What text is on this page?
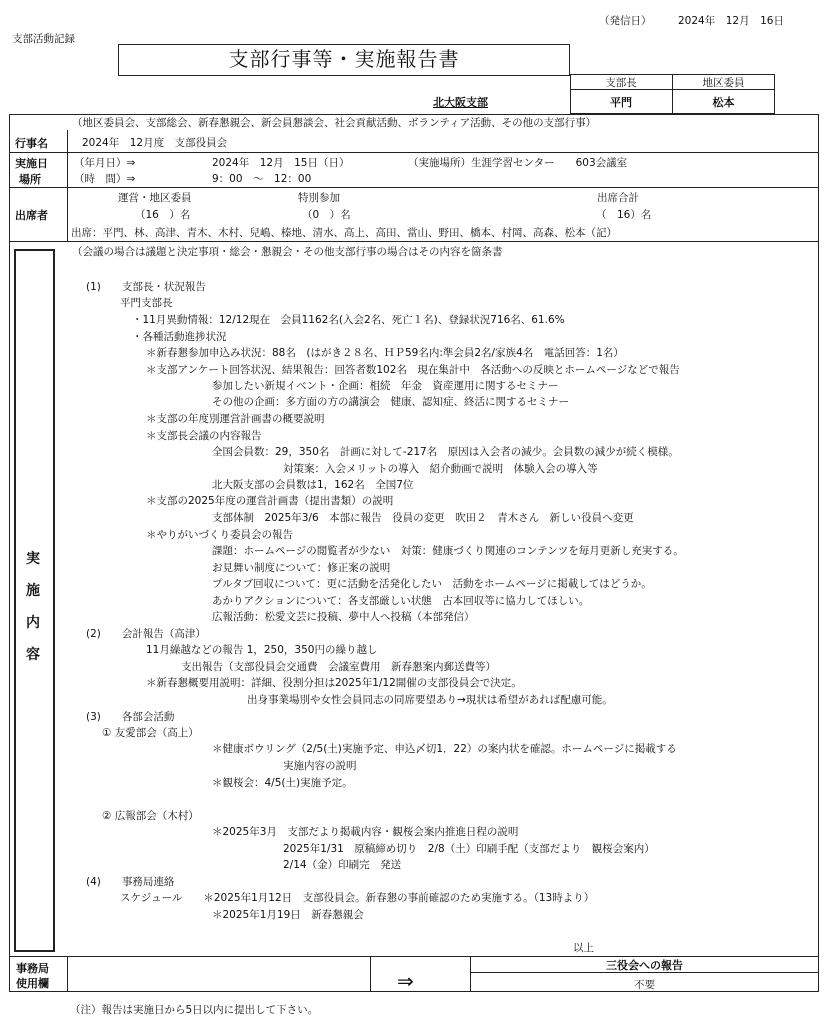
（発信日）	2024年　12月　16日
支部活動記録
支部行事等・実施報告書
支部長	地区委員
平門	松本
北大阪支部
（地区委員会、支部総会、新春懇親会、新会員懇談会、社会貢献活動、ボランティア活動、その他の支部行事）
行事名	2024年　12月度　支部役員会
実施日
場所
（年月日）⇒	2024年　12月　15日（日）	（実施場所）生涯学習センター　　603会議室
（時　間）⇒	9：00　～　12：00
出席者
運営・地区委員
（16　）名
特別参加
（0　）名
出席合計
（　16）名
出席：平門、林、高津、青木、木村、兒嶋、榛地、清水、高上、高田、當山、野田、橋本、村岡、高森、松本（記）
実
施
内
容
（会議の場合は議題と決定事項・総会・懇親会・その他支部行事の場合はその内容を箇条書
(1)　　支部長・状況報告
平門支部長
・11月異動情報：12/12現在　会員1162名(入会2名、死亡１名)、登録状況716名、61.6%
・各種活動進捗状況
＊新春懇参加申込み状況：88名　(はがき２８名、ＨＰ59名内:準会員2名/家族4名　電話回答：1名）
＊支部アンケート回答状況、結果報告：回答者数102名　現在集計中　各活動への反映とホームページなどで報告
参加したい新規イベント・企画：相続　年金　資産運用に関するセミナー
その他の企画：多方面の方の講演会　健康、認知症、終活に関するセミナー
＊支部の年度別運営計画書の概要説明
＊支部長会議の内容報告
全国会員数：29，350名　計画に対して-217名　原因は入会者の減少。会員数の減少が続く模様。
対策案：入会メリットの導入　紹介動画で説明　体験入会の導入等
北大阪支部の会員数は1，162名　全国7位
＊支部の2025年度の運営計画書（提出書類）の説明
支部体制　2025年3/6　本部に報告　役員の変更　吹田２　青木さん　新しい役員へ変更
＊やりがいづくり委員会の報告
課題：ホームページの閲覧者が少ない　対策：健康づくり関連のコンテンツを毎月更新し充実する。
お見舞い制度について：修正案の説明
プルタブ回収について：更に活動を活発化したい　活動をホームページに掲載してはどうか。
あかりアクションについて：各支部厳しい状態　古本回収等に協力してほしい。
広報活動：松愛文芸に投稿、夢中人へ投稿（本部発信）
(2)　　会計報告（高津）
11月繰越などの報告 1，250，350円の繰り越し
支出報告（支部役員会交通費　会議室費用　新春懇案内郵送費等）
＊新春懇概要用説明：詳細、役割分担は2025年1/12開催の支部役員会で決定。
出身事業場別や女性会員同志の同席要望あり→現状は希望があれば配慮可能。
(3)　　各部会活動
① 友愛部会（高上）
＊健康ボウリング（2/5(土)実施予定、申込〆切1．22）の案内状を確認。ホームページに掲載する
実施内容の説明
＊観桜会：4/5(土)実施予定。
② 広報部会（木村）
＊2025年3月　支部だより掲載内容・観桜会案内推進日程の説明
2025年1/31　原稿締め切り　2/8（土）印刷手配（支部だより　観桜会案内）
2/14（金）印刷完　発送
(4)　　事務局連絡
スケジュール　　＊2025年1月12日　支部役員会。新春懇の事前確認のため実施する。（13時より）
＊2025年1月19日　新春懇親会
以上
事務局
使用欄	⇒
三役会への報告
不要
（注）報告は実施日から5日以内に提出して下さい。
